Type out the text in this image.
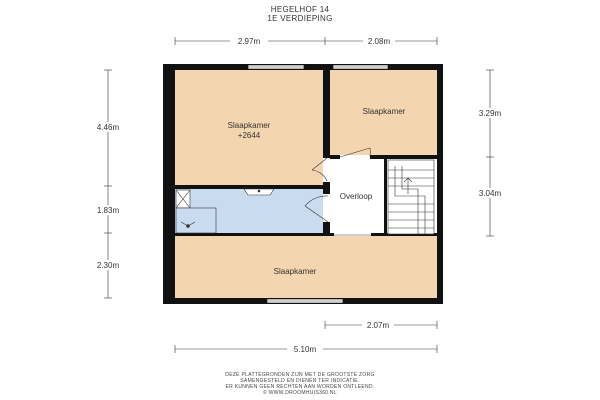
HEGELHOF 14
1E VERDIEPING
2.97m	2.08m
4.46m
1.83m
2.30m
3.29m
3.04m
2.07m
5.10m
Slaapkamer
+2644
Slaapkamer
Overloop
Slaapkamer
DEZE PLATTEGRONDEN ZIJN MET DE GROOTSTE ZORG
SAMENGESTELD EN DIENEN TER INDICATIE.
ER KUNNEN GEEN RECHTEN AAN WORDEN ONTLEEND.
© WWW.DROOMHUIS360.NL
